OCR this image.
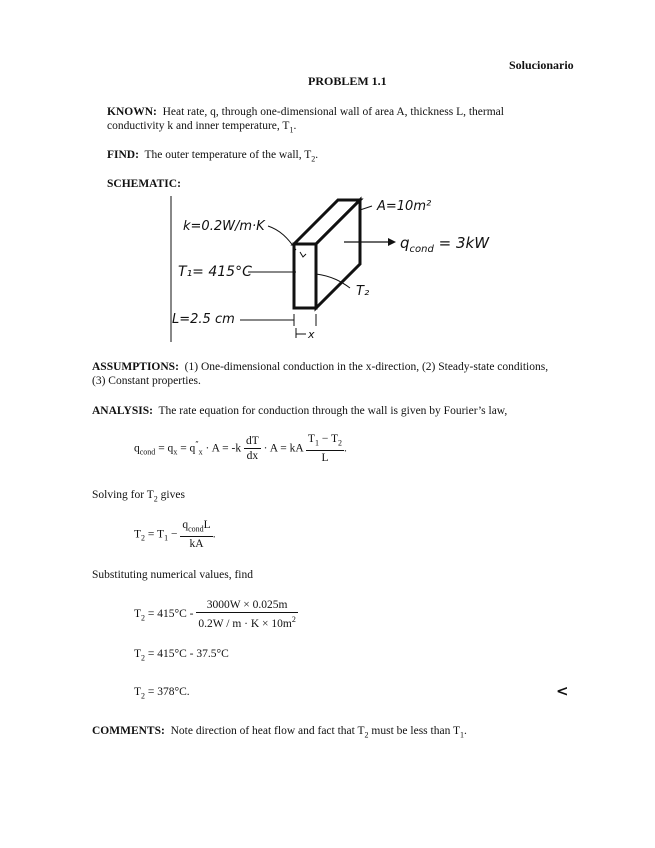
Solucionario
PROBLEM 1.1
KNOWN: Heat rate, q, through one-dimensional wall of area A, thickness L, thermal
conductivity k and inner temperature, $T_1$.
FIND: The outer temperature of the wall, $T_2$.
SCHEMATIC:
k=0.2W/m·K
A=10m²
$q_{cond} = 3kW$
T₁= 415°C
T₂
L=2.5 cm
x
ASSUMPTIONS: (1) One-dimensional conduction in the x-direction, (2) Steady-state conditions,
(3) Constant properties.
ANALYSIS: The rate equation for conduction through the wall is given by Fourier’s law,
$q_{cond} = q_x = q''_x \cdot A = -k \frac{dT}{dx} \cdot A$ = kA $\frac{T_1 - T_2}{L}$ .
Solving for $T_2$ gives
$T_2 = T_1 - \frac{q_{cond}L}{kA}$ .
Substituting numerical values, find
$T_2 = 415^\circ C - \frac{3000W \times 0.025m}{0.2W / m \cdot K \times 10m^2}$
$T_2 = 415^\circ C - 37.5^\circ C$
$T_2 = 378^\circ C$.	<
COMMENTS: Note direction of heat flow and fact that $T_2$ must be less than $T_1$.
